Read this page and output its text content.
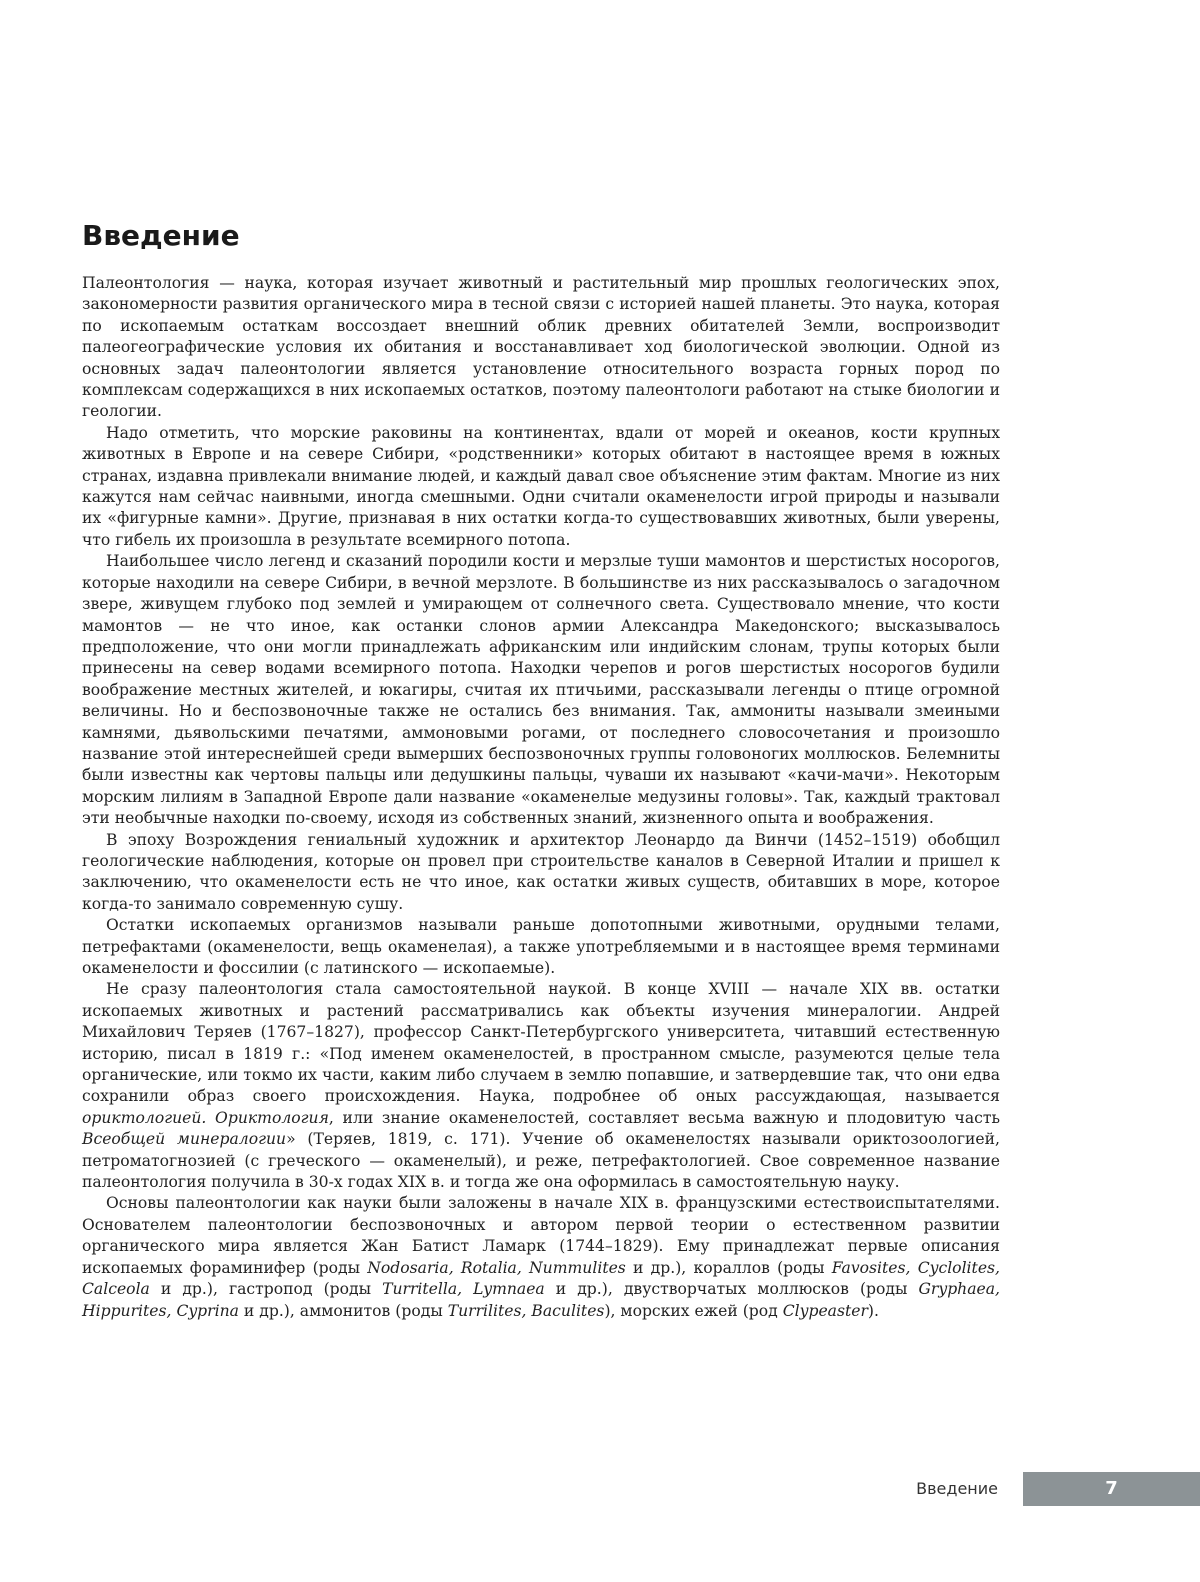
Введение

Палеонтология — наука, которая изучает животный и растительный мир прошлых геологических эпох, закономерности развития органического мира в тесной связи с историей нашей планеты. Это наука, которая по ископаемым остаткам воссоздает внешний облик древних обитателей Земли, воспроизводит палеогеографические условия их обитания и восстанавливает ход биологической эволюции. Одной из основных задач палеонтологии является установление относительного возраста горных пород по комплексам содержащихся в них ископаемых остатков, поэтому палеонтологи работают на стыке биологии и геологии.

Надо отметить, что морские раковины на континентах, вдали от морей и океанов, кости крупных животных в Европе и на севере Сибири, «родственники» которых обитают в настоящее время в южных странах, издавна привлекали внимание людей, и каждый давал свое объяснение этим фактам. Многие из них кажутся нам сейчас наивными, иногда смешными. Одни считали окаменелости игрой природы и называли их «фигурные камни». Другие, признавая в них остатки когда-то существовавших животных, были уверены, что гибель их произошла в результате всемирного потопа.

Наибольшее число легенд и сказаний породили кости и мерзлые туши мамонтов и шерстистых носорогов, которые находили на севере Сибири, в вечной мерзлоте. В большинстве из них рассказывалось о загадочном звере, живущем глубоко под землей и умирающем от солнечного света. Существовало мнение, что кости мамонтов — не что иное, как останки слонов армии Александра Македонского; высказывалось предположение, что они могли принадлежать африканским или индийским слонам, трупы которых были принесены на север водами всемирного потопа. Находки черепов и рогов шерстистых носорогов будили воображение местных жителей, и юкагиры, считая их птичьими, рассказывали легенды о птице огромной величины. Но и беспозвоночные также не остались без внимания. Так, аммониты называли змеиными камнями, дьявольскими печатями, аммоновыми рогами, от последнего словосочетания и произошло название этой интереснейшей среди вымерших беспозвоночных группы головоногих моллюсков. Белемниты были известны как чертовы пальцы или дедушкины пальцы, чуваши их называют «качи-мачи». Некоторым морским лилиям в Западной Европе дали название «окаменелые медузины головы». Так, каждый трактовал эти необычные находки по-своему, исходя из собственных знаний, жизненного опыта и воображения.

В эпоху Возрождения гениальный художник и архитектор Леонардо да Винчи (1452–1519) обобщил геологические наблюдения, которые он провел при строительстве каналов в Северной Италии и пришел к заключению, что окаменелости есть не что иное, как остатки живых существ, обитавших в море, которое когда-то занимало современную сушу.

Остатки ископаемых организмов называли раньше допотопными животными, орудными телами, петрефактами (окаменелости, вещь окаменелая), а также употребляемыми и в настоящее время терминами окаменелости и фоссилии (с латинского — ископаемые).

Не сразу палеонтология стала самостоятельной наукой. В конце XVIII — начале XIX вв. остатки ископаемых животных и растений рассматривались как объекты изучения минералогии. Андрей Михайлович Теряев (1767–1827), профессор Санкт-Петербургского университета, читавший естественную историю, писал в 1819 г.: «Под именем окаменелостей, в пространном смысле, разумеются целые тела органические, или токмо их части, каким либо случаем в землю попавшие, и затвердевшие так, что они едва сохранили образ своего происхождения. Наука, подробнее об оных рассуждающая, называется ориктологией. Ориктология, или знание окаменелостей, составляет весьма важную и плодовитую часть Всеобщей минералогии» (Теряев, 1819, с. 171). Учение об окаменелостях называли ориктозоологией, петроматогнозией (с греческого — окаменелый), и реже, петрефактологией. Свое современное название палеонтология получила в 30-х годах XIX в. и тогда же она оформилась в самостоятельную науку.

Основы палеонтологии как науки были заложены в начале XIX в. французскими естествоиспытателями. Основателем палеонтологии беспозвоночных и автором первой теории о естественном развитии органического мира является Жан Батист Ламарк (1744–1829). Ему принадлежат первые описания ископаемых фораминифер (роды Nodosaria, Rotalia, Nummulites и др.), кораллов (роды Favosites, Cyclolites, Calceola и др.), гастропод (роды Turritella, Lymnaea и др.), двустворчатых моллюсков (роды Gryphaea, Hippurites, Cyprina и др.), аммонитов (роды Turrilites, Baculites), морских ежей (род Clypeaster).

Введение	7
